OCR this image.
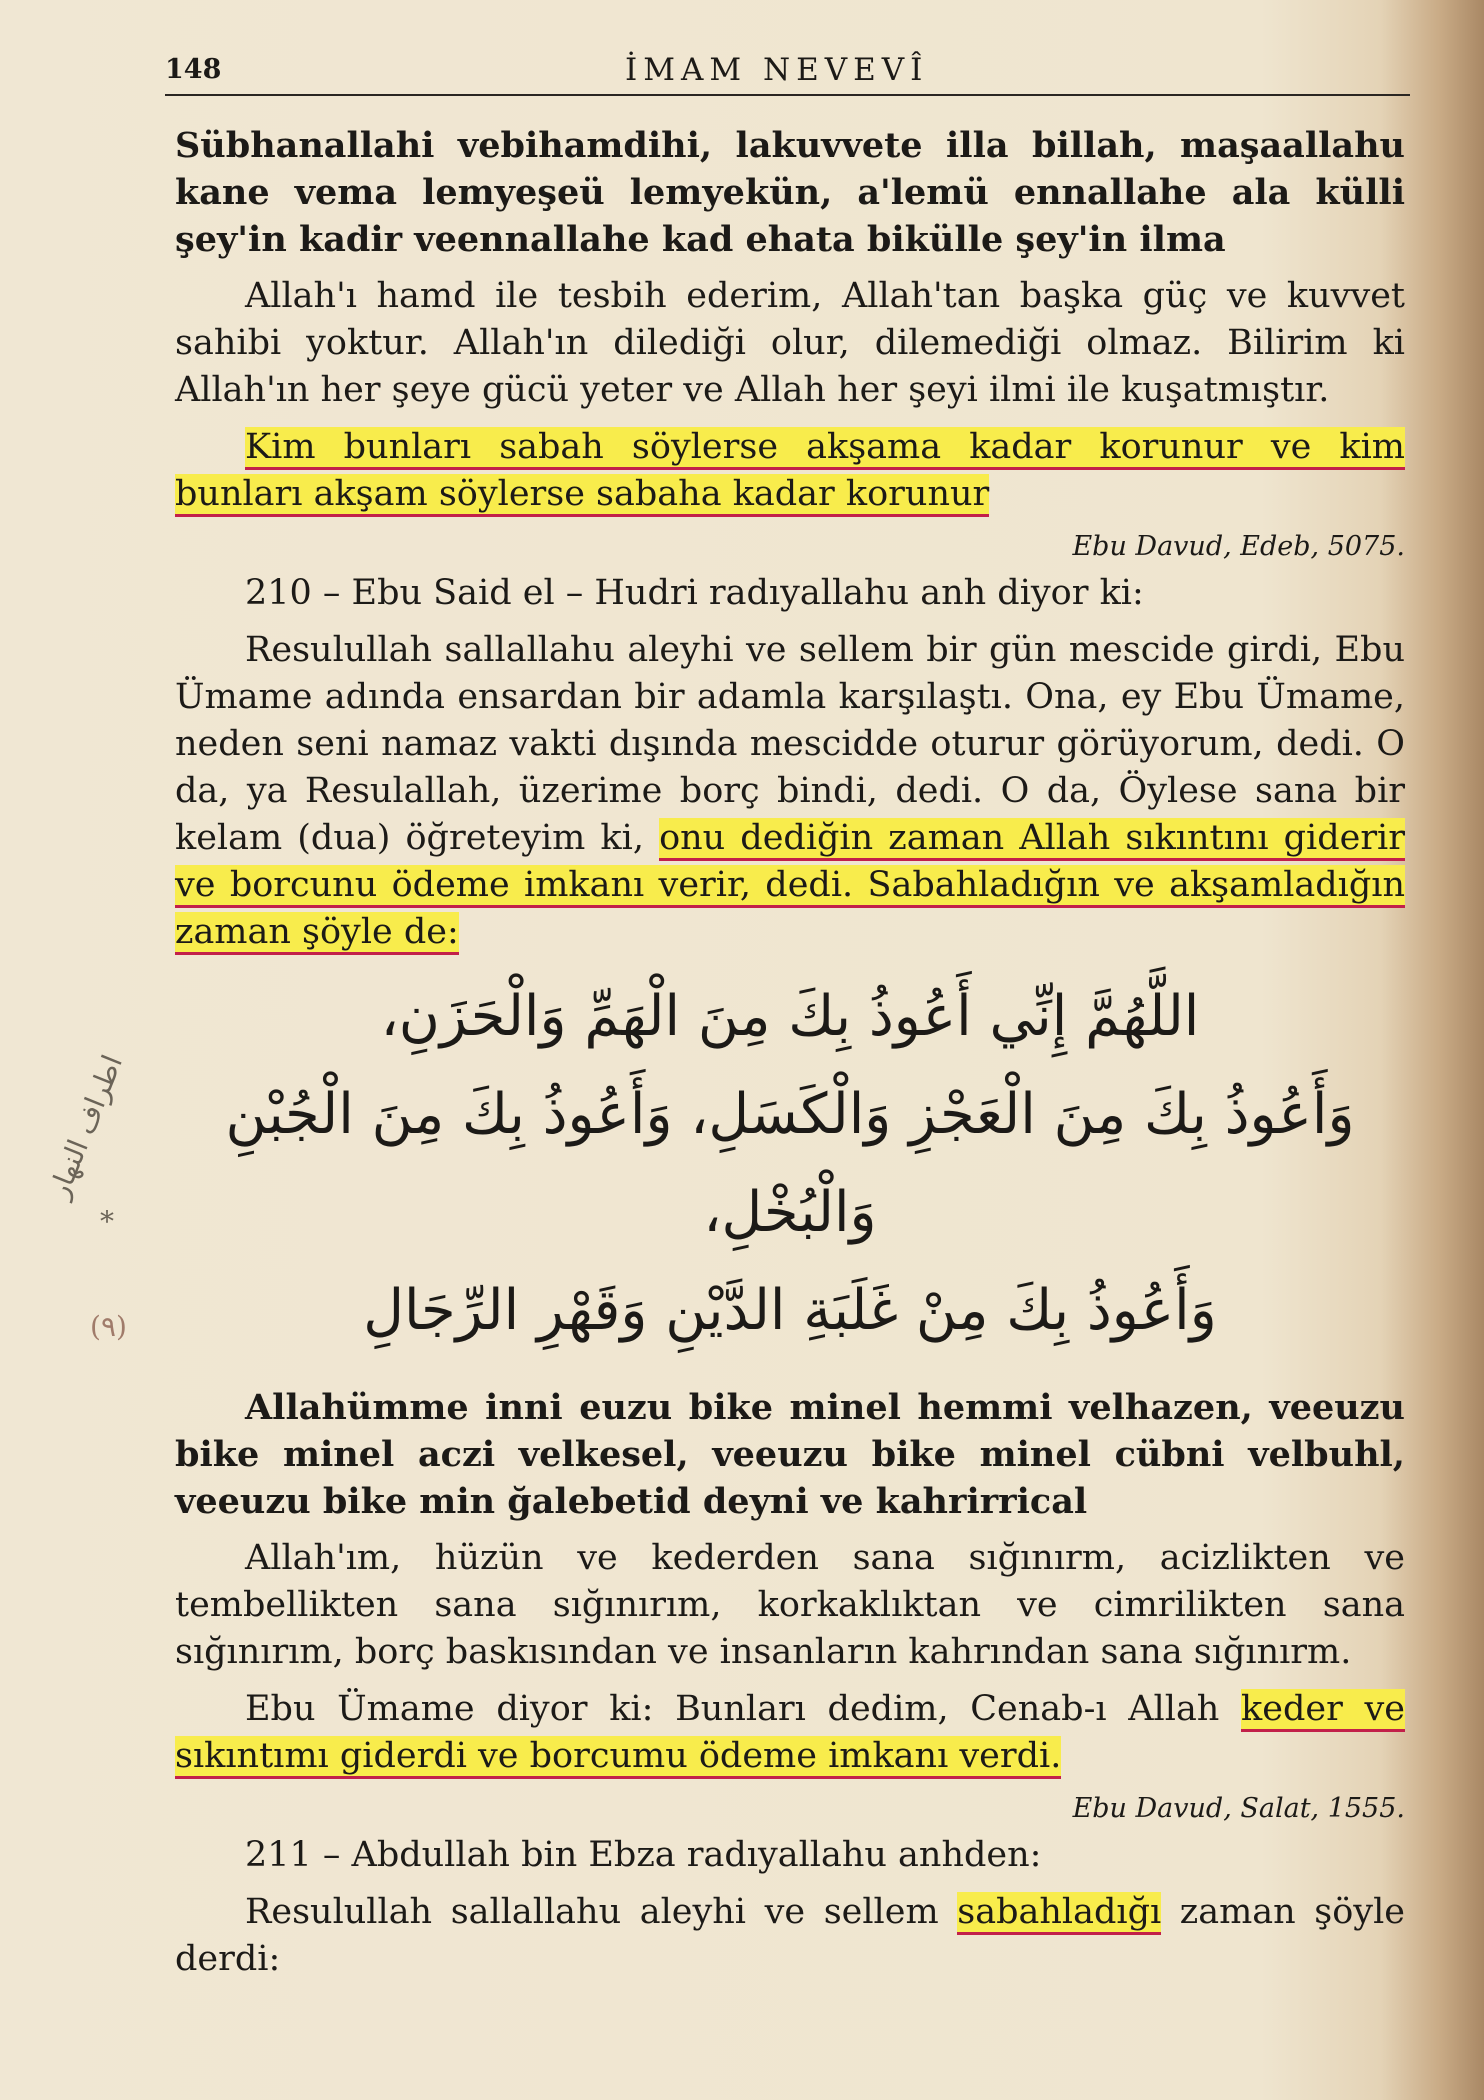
148	İMAM NEVEVÎ
Sübhanallahi vebihamdihi, lakuvvete illa billah, maşaallahu kane vema lemyeşeü lemyekün, a'lemü ennallahe ala külli şey'in kadir veennallahe kad ehata biküllе şey'in ilma
Allah'ı hamd ile tesbih ederim, Allah'tan başka güç ve kuvvet sahibi yoktur. Allah'ın dilediği olur, dilemediği olmaz. Bilirim ki Allah'ın her şeye gücü yeter ve Allah her şeyi ilmi ile kuşatmıştır.
Kim bunları sabah söylerse akşama kadar korunur ve kim bunları akşam söylerse sabaha kadar korunur
Ebu Davud, Edeb, 5075.
210 – Ebu Said el – Hudri radıyallahu anh diyor ki:
Resulullah sallallahu aleyhi ve sellem bir gün mescide girdi, Ebu Ümame adında ensardan bir adamla karşılaştı. Ona, ey Ebu Ümame, neden seni namaz vakti dışında mescidde oturur görüyorum, dedi. O da, ya Resulallah, üzerime borç bindi, dedi. O da, Öylese sana bir kelam (dua) öğreteyim ki, onu dediğin zaman Allah sıkıntını giderir ve borcunu ödeme imkanı verir, dedi. Sabahladığın ve akşamladığın zaman şöyle de:
اللَّهُمَّ إِنِّي أَعُوذُ بِكَ مِنَ الْهَمِّ وَالْحَزَنِ،
وَأَعُوذُ بِكَ مِنَ الْعَجْزِ وَالْكَسَلِ، وَأَعُوذُ بِكَ مِنَ الْجُبْنِ وَالْبُخْلِ،
وَأَعُوذُ بِكَ مِنْ غَلَبَةِ الدَّيْنِ وَقَهْرِ الرِّجَالِ
Allahümme inni euzu bike minel hemmi velhazen, veeuzu bike minel aczi velkesel, veeuzu bike minel cübni velbuhl, veeuzu bike min ğalebetid deyni ve kahrirrical
Allah'ım, hüzün ve kederden sana sığınırm, acizlikten ve tembellikten sana sığınırım, korkaklıktan ve cimrilikten sana sığınırım, borç baskısından ve insanların kahrından sana sığınırm.
Ebu Ümame diyor ki: Bunları dedim, Cenab-ı Allah keder ve sıkıntımı giderdi ve borcumu ödeme imkanı verdi.
Ebu Davud, Salat, 1555.
211 – Abdullah bin Ebza radıyallahu anhden:
Resulullah sallallahu aleyhi ve sellem sabahladığı zaman şöyle derdi:
اطراف النهار
*
(٩)
